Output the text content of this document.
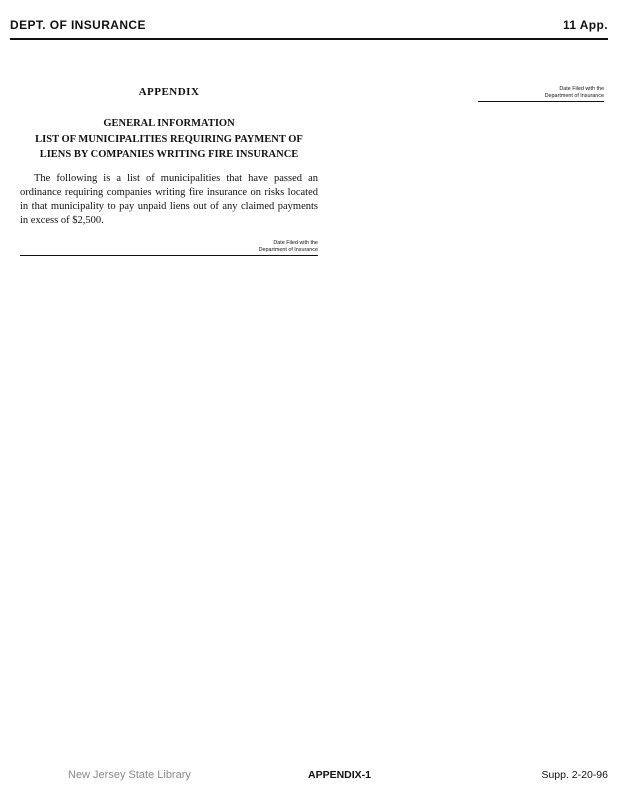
DEPT. OF INSURANCE	11 App.
APPENDIX
GENERAL INFORMATION
LIST OF MUNICIPALITIES REQUIRING PAYMENT OF LIENS BY COMPANIES WRITING FIRE INSURANCE

The following is a list of municipalities that have passed an ordinance requiring companies writing fire insurance on risks located in that municipality to pay unpaid liens out of any claimed payments in excess of $2,500.

Date Filed with the
Department of Insurance
Date Filed with the
Department of Insurance
New Jersey State Library	APPENDIX-1	Supp. 2-20-96
